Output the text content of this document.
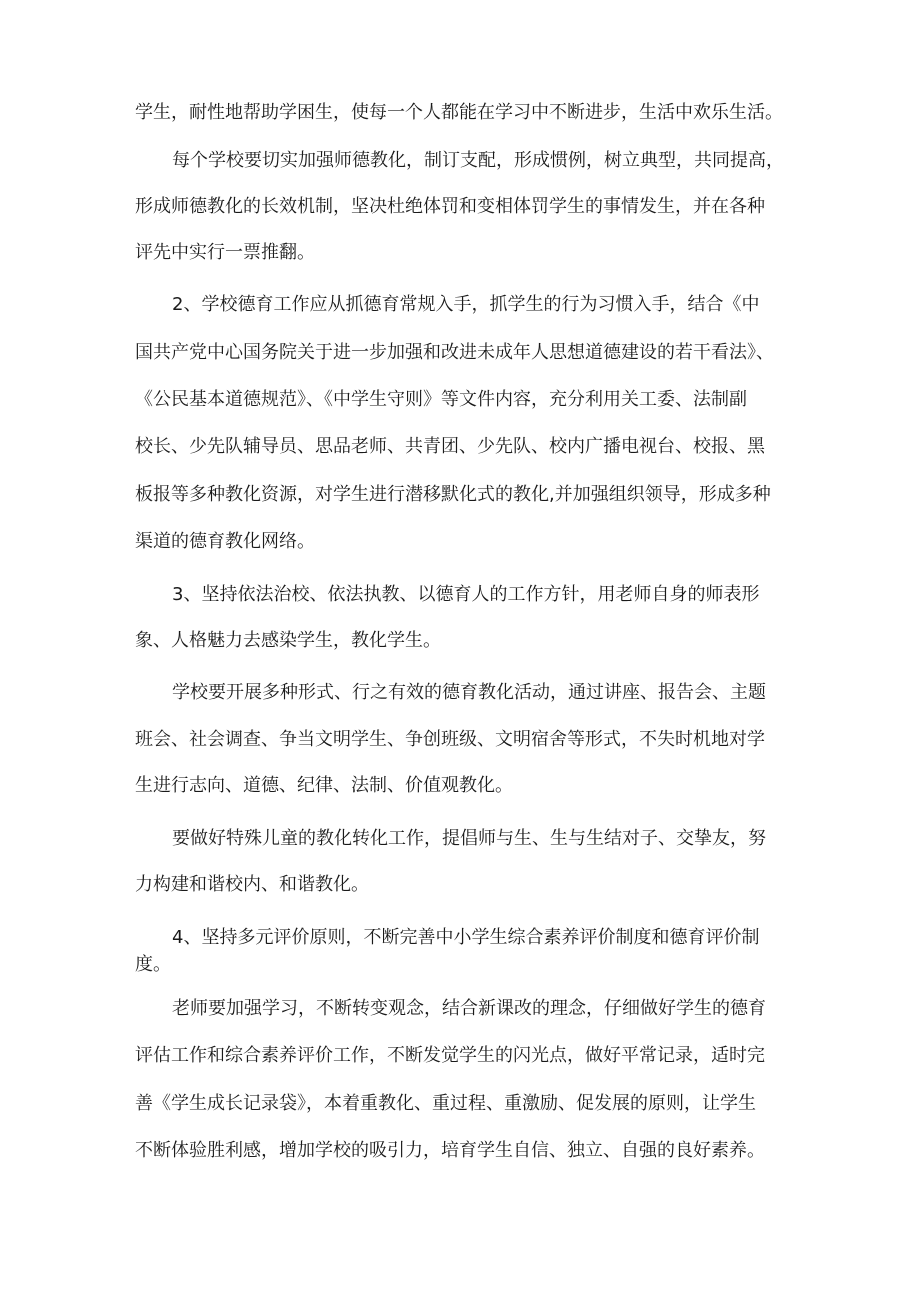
学生，耐性地帮助学困生，使每一个人都能在学习中不断进步，生活中欢乐生活。
每个学校要切实加强师德教化，制订支配，形成惯例，树立典型，共同提高，
形成师德教化的长效机制，坚决杜绝体罚和变相体罚学生的事情发生，并在各种
评先中实行一票推翻。
2、学校德育工作应从抓德育常规入手，抓学生的行为习惯入手，结合《中
国共产党中心国务院关于进一步加强和改进未成年人思想道德建设的若干看法》、
《公民基本道德规范》、《中学生守则》等文件内容，充分利用关工委、法制副
校长、少先队辅导员、思品老师、共青团、少先队、校内广播电视台、校报、黑
板报等多种教化资源，对学生进行潜移默化式的教化,并加强组织领导，形成多种
渠道的德育教化网络。
3、坚持依法治校、依法执教、以德育人的工作方针，用老师自身的师表形
象、人格魅力去感染学生，教化学生。
学校要开展多种形式、行之有效的德育教化活动，通过讲座、报告会、主题
班会、社会调查、争当文明学生、争创班级、文明宿舍等形式，不失时机地对学
生进行志向、道德、纪律、法制、价值观教化。
要做好特殊儿童的教化转化工作，提倡师与生、生与生结对子、交挚友，努
力构建和谐校内、和谐教化。
4、坚持多元评价原则，不断完善中小学生综合素养评价制度和德育评价制
度。
老师要加强学习，不断转变观念，结合新课改的理念，仔细做好学生的德育
评估工作和综合素养评价工作，不断发觉学生的闪光点，做好平常记录，适时完
善《学生成长记录袋》，本着重教化、重过程、重激励、促发展的原则，让学生
不断体验胜利感，增加学校的吸引力，培育学生自信、独立、自强的良好素养。
